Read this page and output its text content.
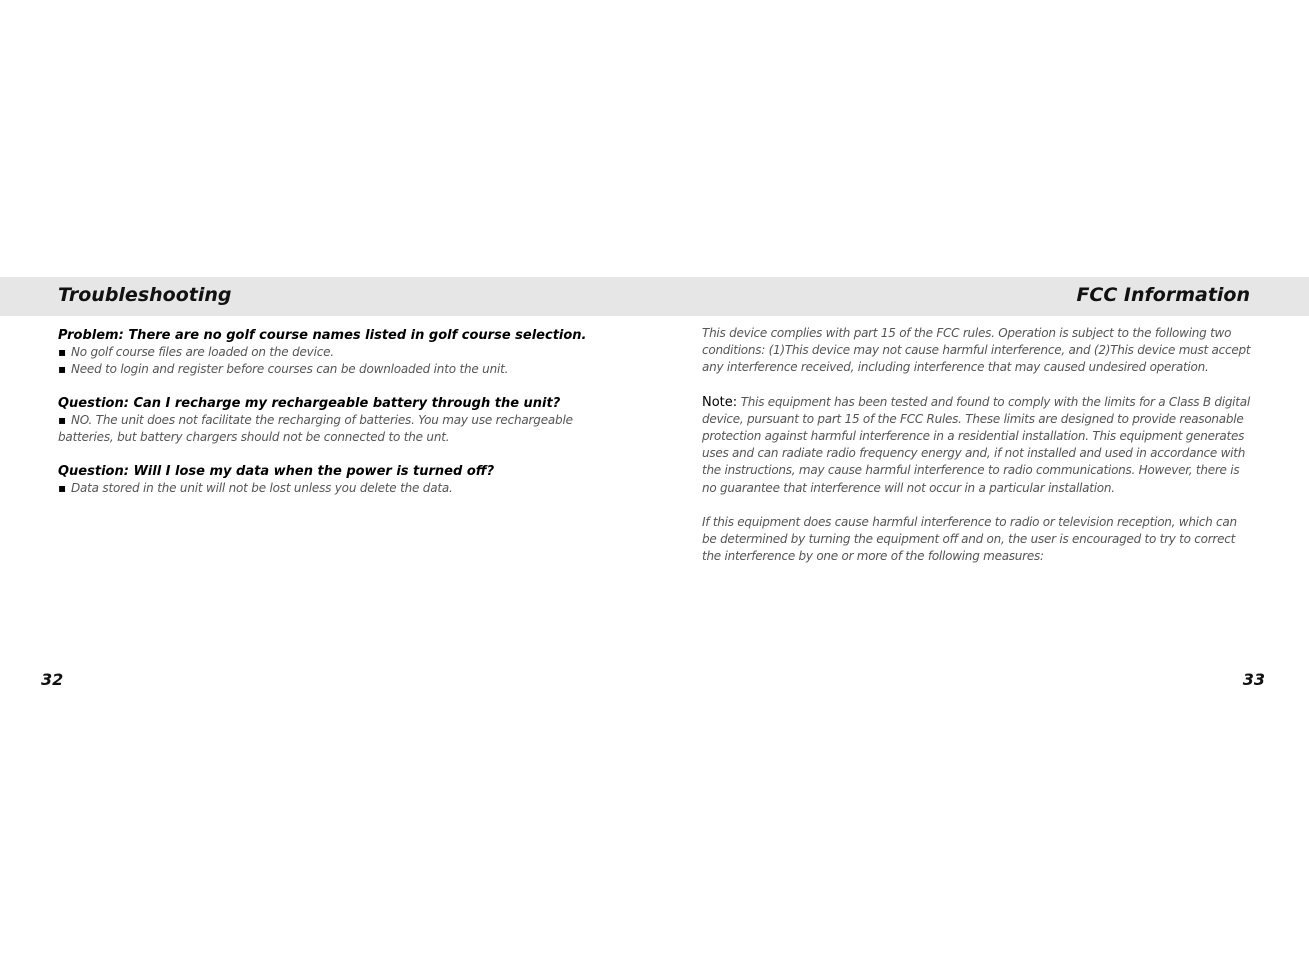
Troubleshooting	FCC Information
Problem: There are no golf course names listed in golf course selection.
▪ No golf course files are loaded on the device.
▪ Need to login and register before courses can be downloaded into the unit.
Question: Can I recharge my rechargeable battery through the unit?
▪ NO. The unit does not facilitate the recharging of batteries. You may use rechargeable batteries, but battery chargers should not be connected to the unt.
Question: Will I lose my data when the power is turned off?
▪ Data stored in the unit will not be lost unless you delete the data.
This device complies with part 15 of the FCC rules. Operation is subject to the following two conditions: (1)This device may not cause harmful interference, and (2)This device must accept any interference received, including interference that may caused undesired operation.
Note: This equipment has been tested and found to comply with the limits for a Class B digital device, pursuant to part 15 of the FCC Rules. These limits are designed to provide reasonable protection against harmful interference in a residential installation. This equipment generates uses and can radiate radio frequency energy and, if not installed and used in accordance with the instructions, may cause harmful interference to radio communications. However, there is no guarantee that interference will not occur in a particular installation.
If this equipment does cause harmful interference to radio or television reception, which can be determined by turning the equipment off and on, the user is encouraged to try to correct the interference by one or more of the following measures:
32	33
